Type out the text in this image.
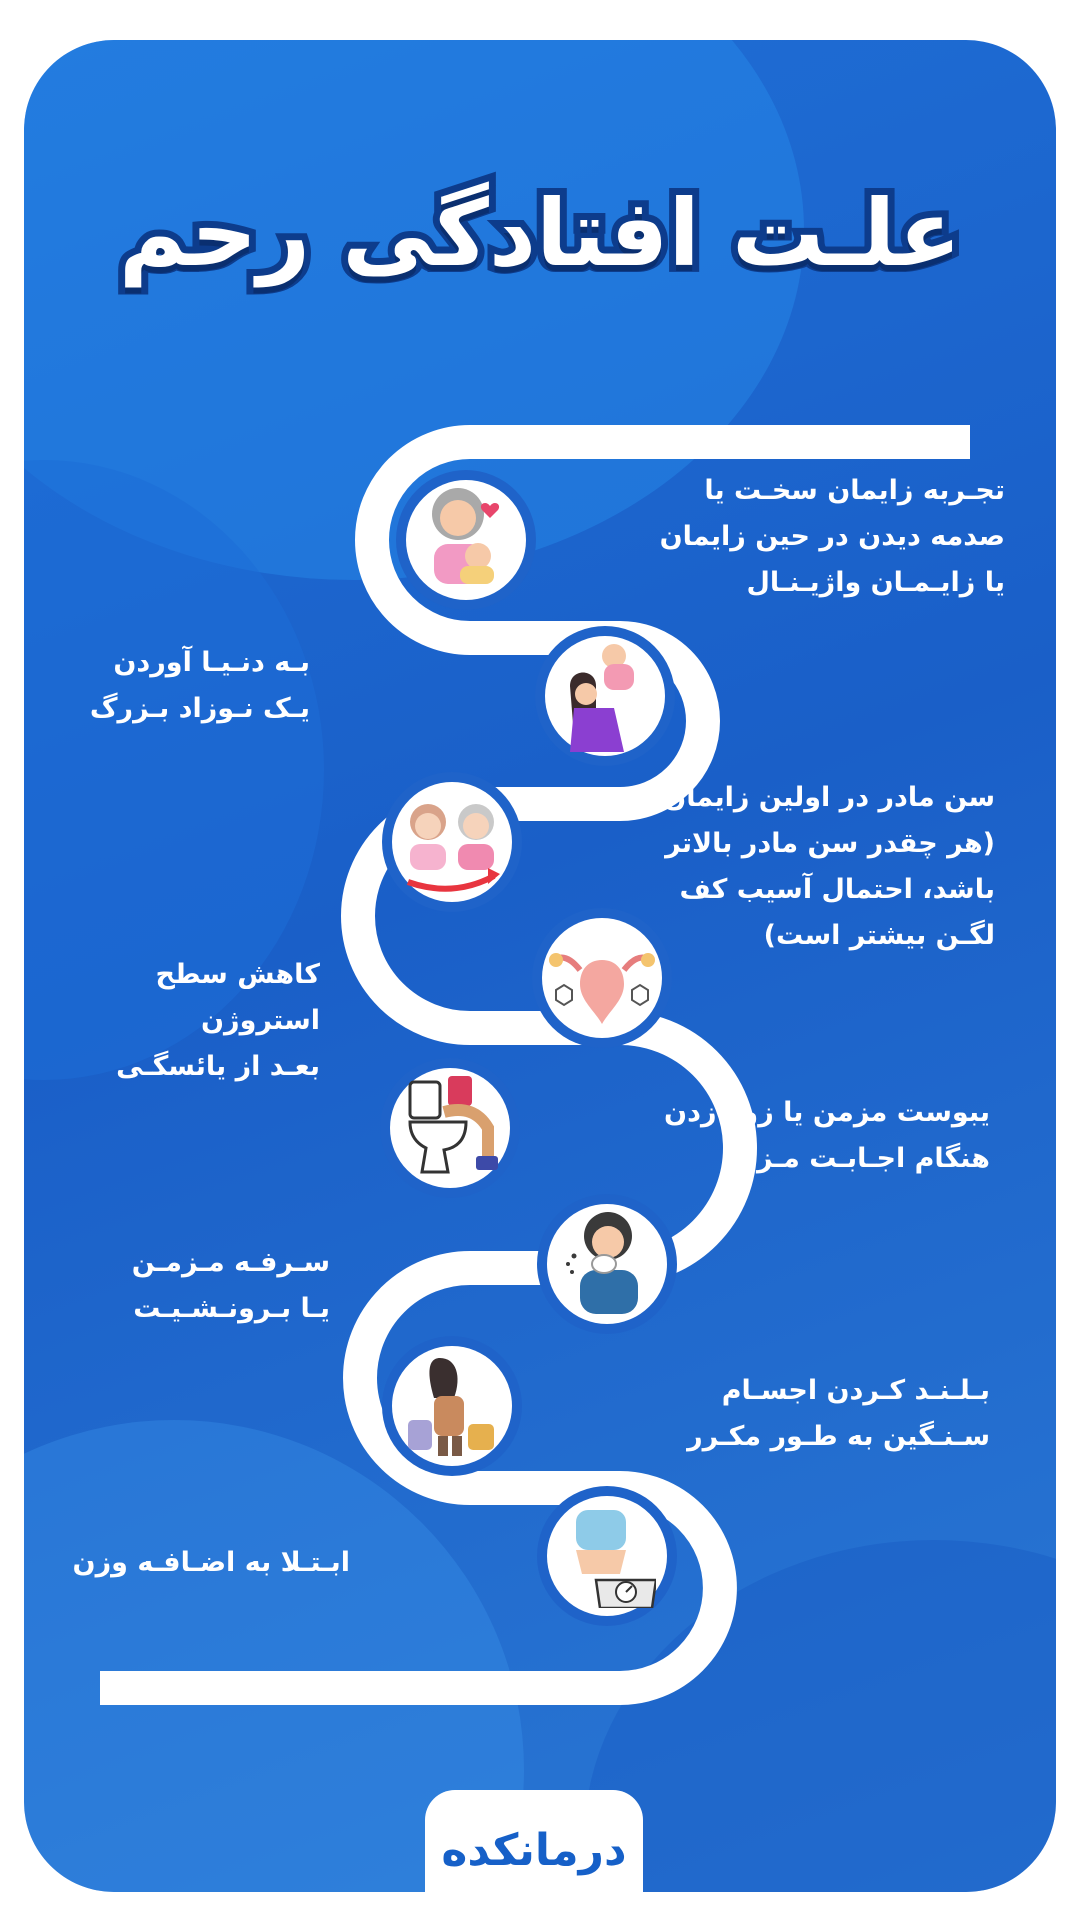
علـت افتادگی رحم
تجـربه زایمان سخـت یا
صدمه دیدن در حین زایمان
یا زایـمـان واژیـنـال
بـه دنـیـا آوردن
یـک نـوزاد بـزرگ
سن مادر در اولین زایمان
(هر چقدر سن مادر بالاتر
باشد، احتمال آسیب کف
لگـن بیشتر است)
کاهش سطح استروژن
بعـد از یائسگـی
یبوست مزمن یا زور زدن
هنگام اجـابـت مـزاج
سـرفـه مـزمـن
یـا بـرونـشـیـت
بـلـنـد کـردن اجسـام
سـنـگین به طـور مکـرر
ابـتـلا به اضـافـه وزن
درمانکده
